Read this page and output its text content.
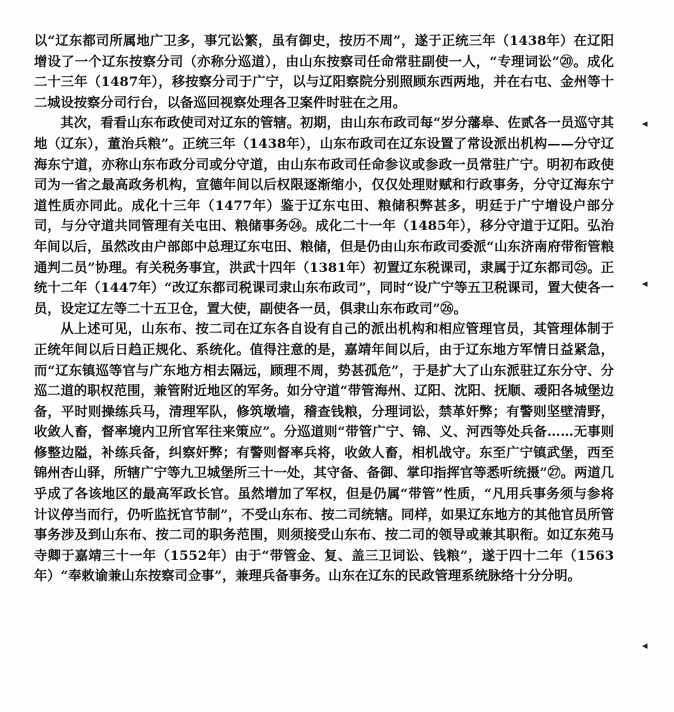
以“辽东都司所属地广卫多，事冗讼繁，虽有御史，按历不周”，遂于正统三年（1438年）在辽阳增设了一个辽东按察分司（亦称分巡道），由山东按察司任命常驻副使一人，“专理词讼”⑳。成化二十三年（1487年），移按察分司于广宁，以与辽阳察院分别照顾东西两地，并在右屯、金州等十二城设按察分司行台，以备巡回视察处理各卫案件时驻在之用。

其次，看看山东布政使司对辽东的管辖。初期，由山东布政司每“岁分藩皋、佐贰各一员巡守其地（辽东），董治兵粮”。正统三年（1438年），山东布政司在辽东设置了常设派出机构——分守辽海东宁道，亦称山东布政分司或分守道，由山东布政司任命参议或参政一员常驻广宁。明初布政使司为一省之最高政务机构，宣德年间以后权限逐渐缩小，仅仅处理财赋和行政事务，分守辽海东宁道性质亦同此。成化十三年（1477年）鉴于辽东屯田、粮储积弊甚多，明廷于广宁增设户部分司，与分守道共同管理有关屯田、粮储事务㉔。成化二十一年（1485年），移分守道于辽阳。弘治年间以后，虽然改由户部郎中总理辽东屯田、粮储，但是仍由山东布政司委派“山东济南府带衔管粮通判二员”协理。有关税务事宜，洪武十四年（1381年）初置辽东税课司，隶属于辽东都司㉕。正统十二年（1447年）“改辽东都司税课司隶山东布政司”，同时“设广宁等五卫税课司，置大使各一员，设定辽左等二十五卫仓，置大使，副使各一员，俱隶山东布政司”㉖。

从上述可见，山东布、按二司在辽东各自设有自己的派出机构和相应管理官员，其管理体制于正统年间以后日趋正规化、系统化。值得注意的是，嘉靖年间以后，由于辽东地方军情日益紧急，而“辽东镇巡等官与广东地方相去隔远，顾理不周，势甚孤危”，于是扩大了山东派驻辽东分守、分巡二道的职权范围，兼管附近地区的军务。如分守道“带管海州、辽阳、沈阳、抚顺、叆阳各城堡边备，平时则操练兵马，清理军队，修筑墩墙，稽查钱粮，分理词讼，禁革奸弊；有警则坚壁清野，收敛人畜，督率境内卫所官军往来策应”。分巡道则“带管广宁、锦、义、河西等处兵备……无事则修整边隘，补练兵备，纠察奸弊；有警则督率兵将，收敛人畜，相机战守。东至广宁镇武堡，西至锦州杏山驿，所辖广宁等九卫城堡所三十一处，其守备、备御、掌印指挥官等悉听统摄”㉗。两道几乎成了各该地区的最高军政长官。虽然增加了军权，但是仍属“带管”性质，“凡用兵事务须与参将计议停当而行，仍听监抚官节制”，不受山东布、按二司统辖。同样，如果辽东地方的其他官员所管事务涉及到山东布、按二司的职务范围，则须接受山东布、按二司的领导或兼其职衔。如辽东苑马寺卿于嘉靖三十一年（1552年）由于“带管金、复、盖三卫词讼、钱粮”，遂于四十二年（1563年）“奉敕谕兼山东按察司佥事”，兼理兵备事务。山东在辽东的民政管理系统脉络十分分明。

◂
◂
◂
